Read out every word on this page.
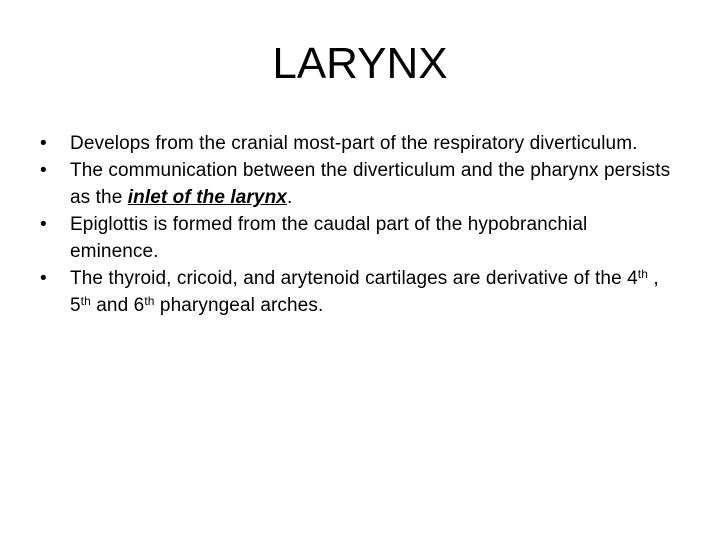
LARYNX
•	Develops from the cranial most-part of the respiratory diverticulum.
•	The communication between the diverticulum and the pharynx persists as the inlet of the larynx.
•	Epiglottis is formed from the caudal part of the hypobranchial eminence.
•	The thyroid, cricoid, and arytenoid cartilages are derivative of the 4th , 5th and 6th pharyngeal arches.
